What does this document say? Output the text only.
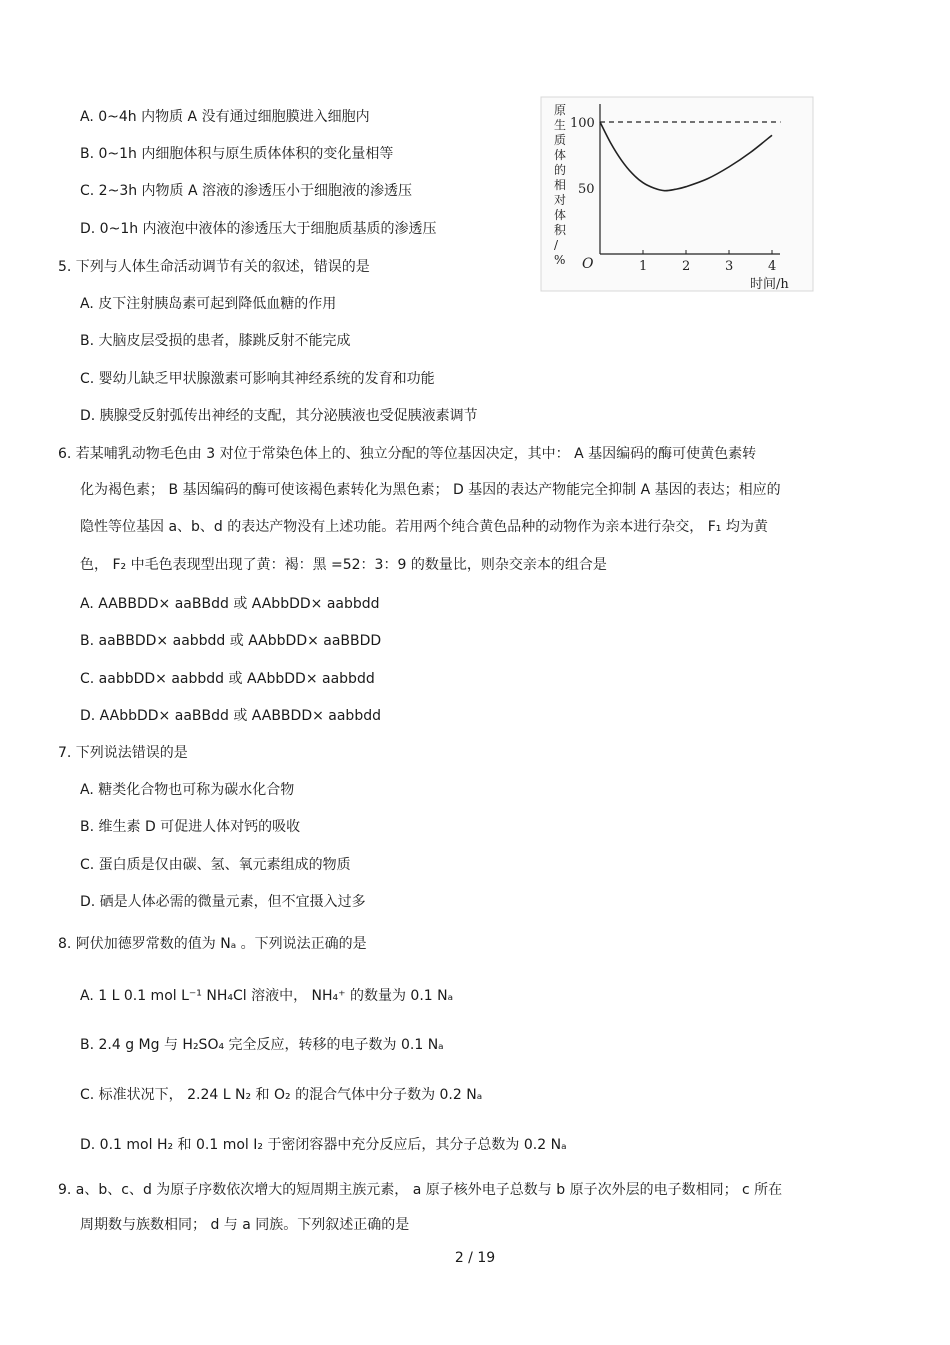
A. 0~4h 内物质 A 没有通过细胞膜进入细胞内
B. 0~1h 内细胞体积与原生质体体积的变化量相等
C. 2~3h 内物质 A 溶液的渗透压小于细胞液的渗透压
D. 0~1h 内液泡中液体的渗透压大于细胞质基质的渗透压
原
生
质
体
的
相
对
体
积
/
% O
时间/h
1	2	3	4
100
50
5. 下列与人体生命活动调节有关的叙述，错误的是
A. 皮下注射胰岛素可起到降低血糖的作用
B. 大脑皮层受损的患者，膝跳反射不能完成
C. 婴幼儿缺乏甲状腺激素可影响其神经系统的发育和功能
D. 胰腺受反射弧传出神经的支配，其分泌胰液也受促胰液素调节
6. 若某哺乳动物毛色由 3 对位于常染色体上的、独立分配的等位基因决定，其中： A 基因编码的酶可使黄色素转
化为褐色素； B 基因编码的酶可使该褐色素转化为黑色素； D 基因的表达产物能完全抑制 A 基因的表达；相应的
隐性等位基因 a、b、d 的表达产物没有上述功能。若用两个纯合黄色品种的动物作为亲本进行杂交， F₁ 均为黄
色， F₂ 中毛色表现型出现了黄：褐：黑 =52：3：9 的数量比，则杂交亲本的组合是
A. AABBDD× aaBBdd 或 AAbbDD× aabbdd
B. aaBBDD× aabbdd 或 AAbbDD× aaBBDD
C. aabbDD× aabbdd 或 AAbbDD× aabbdd
D. AAbbDD× aaBBdd 或 AABBDD× aabbdd
7. 下列说法错误的是
A. 糖类化合物也可称为碳水化合物
B. 维生素 D 可促进人体对钙的吸收
C. 蛋白质是仅由碳、氢、氧元素组成的物质
D. 硒是人体必需的微量元素，但不宜摄入过多
8. 阿伏加德罗常数的值为 Nₐ 。下列说法正确的是
A. 1 L 0.1 mol L⁻¹ NH₄Cl 溶液中， NH₄⁺ 的数量为 0.1 Nₐ
B. 2.4 g Mg 与 H₂SO₄ 完全反应，转移的电子数为 0.1 Nₐ
C. 标准状况下， 2.24 L N₂ 和 O₂ 的混合气体中分子数为 0.2 Nₐ
D. 0.1 mol H₂ 和 0.1 mol I₂ 于密闭容器中充分反应后，其分子总数为 0.2 Nₐ
9. a、b、c、d 为原子序数依次增大的短周期主族元素， a 原子核外电子总数与 b 原子次外层的电子数相同； c 所在
周期数与族数相同； d 与 a 同族。下列叙述正确的是
2 / 19
